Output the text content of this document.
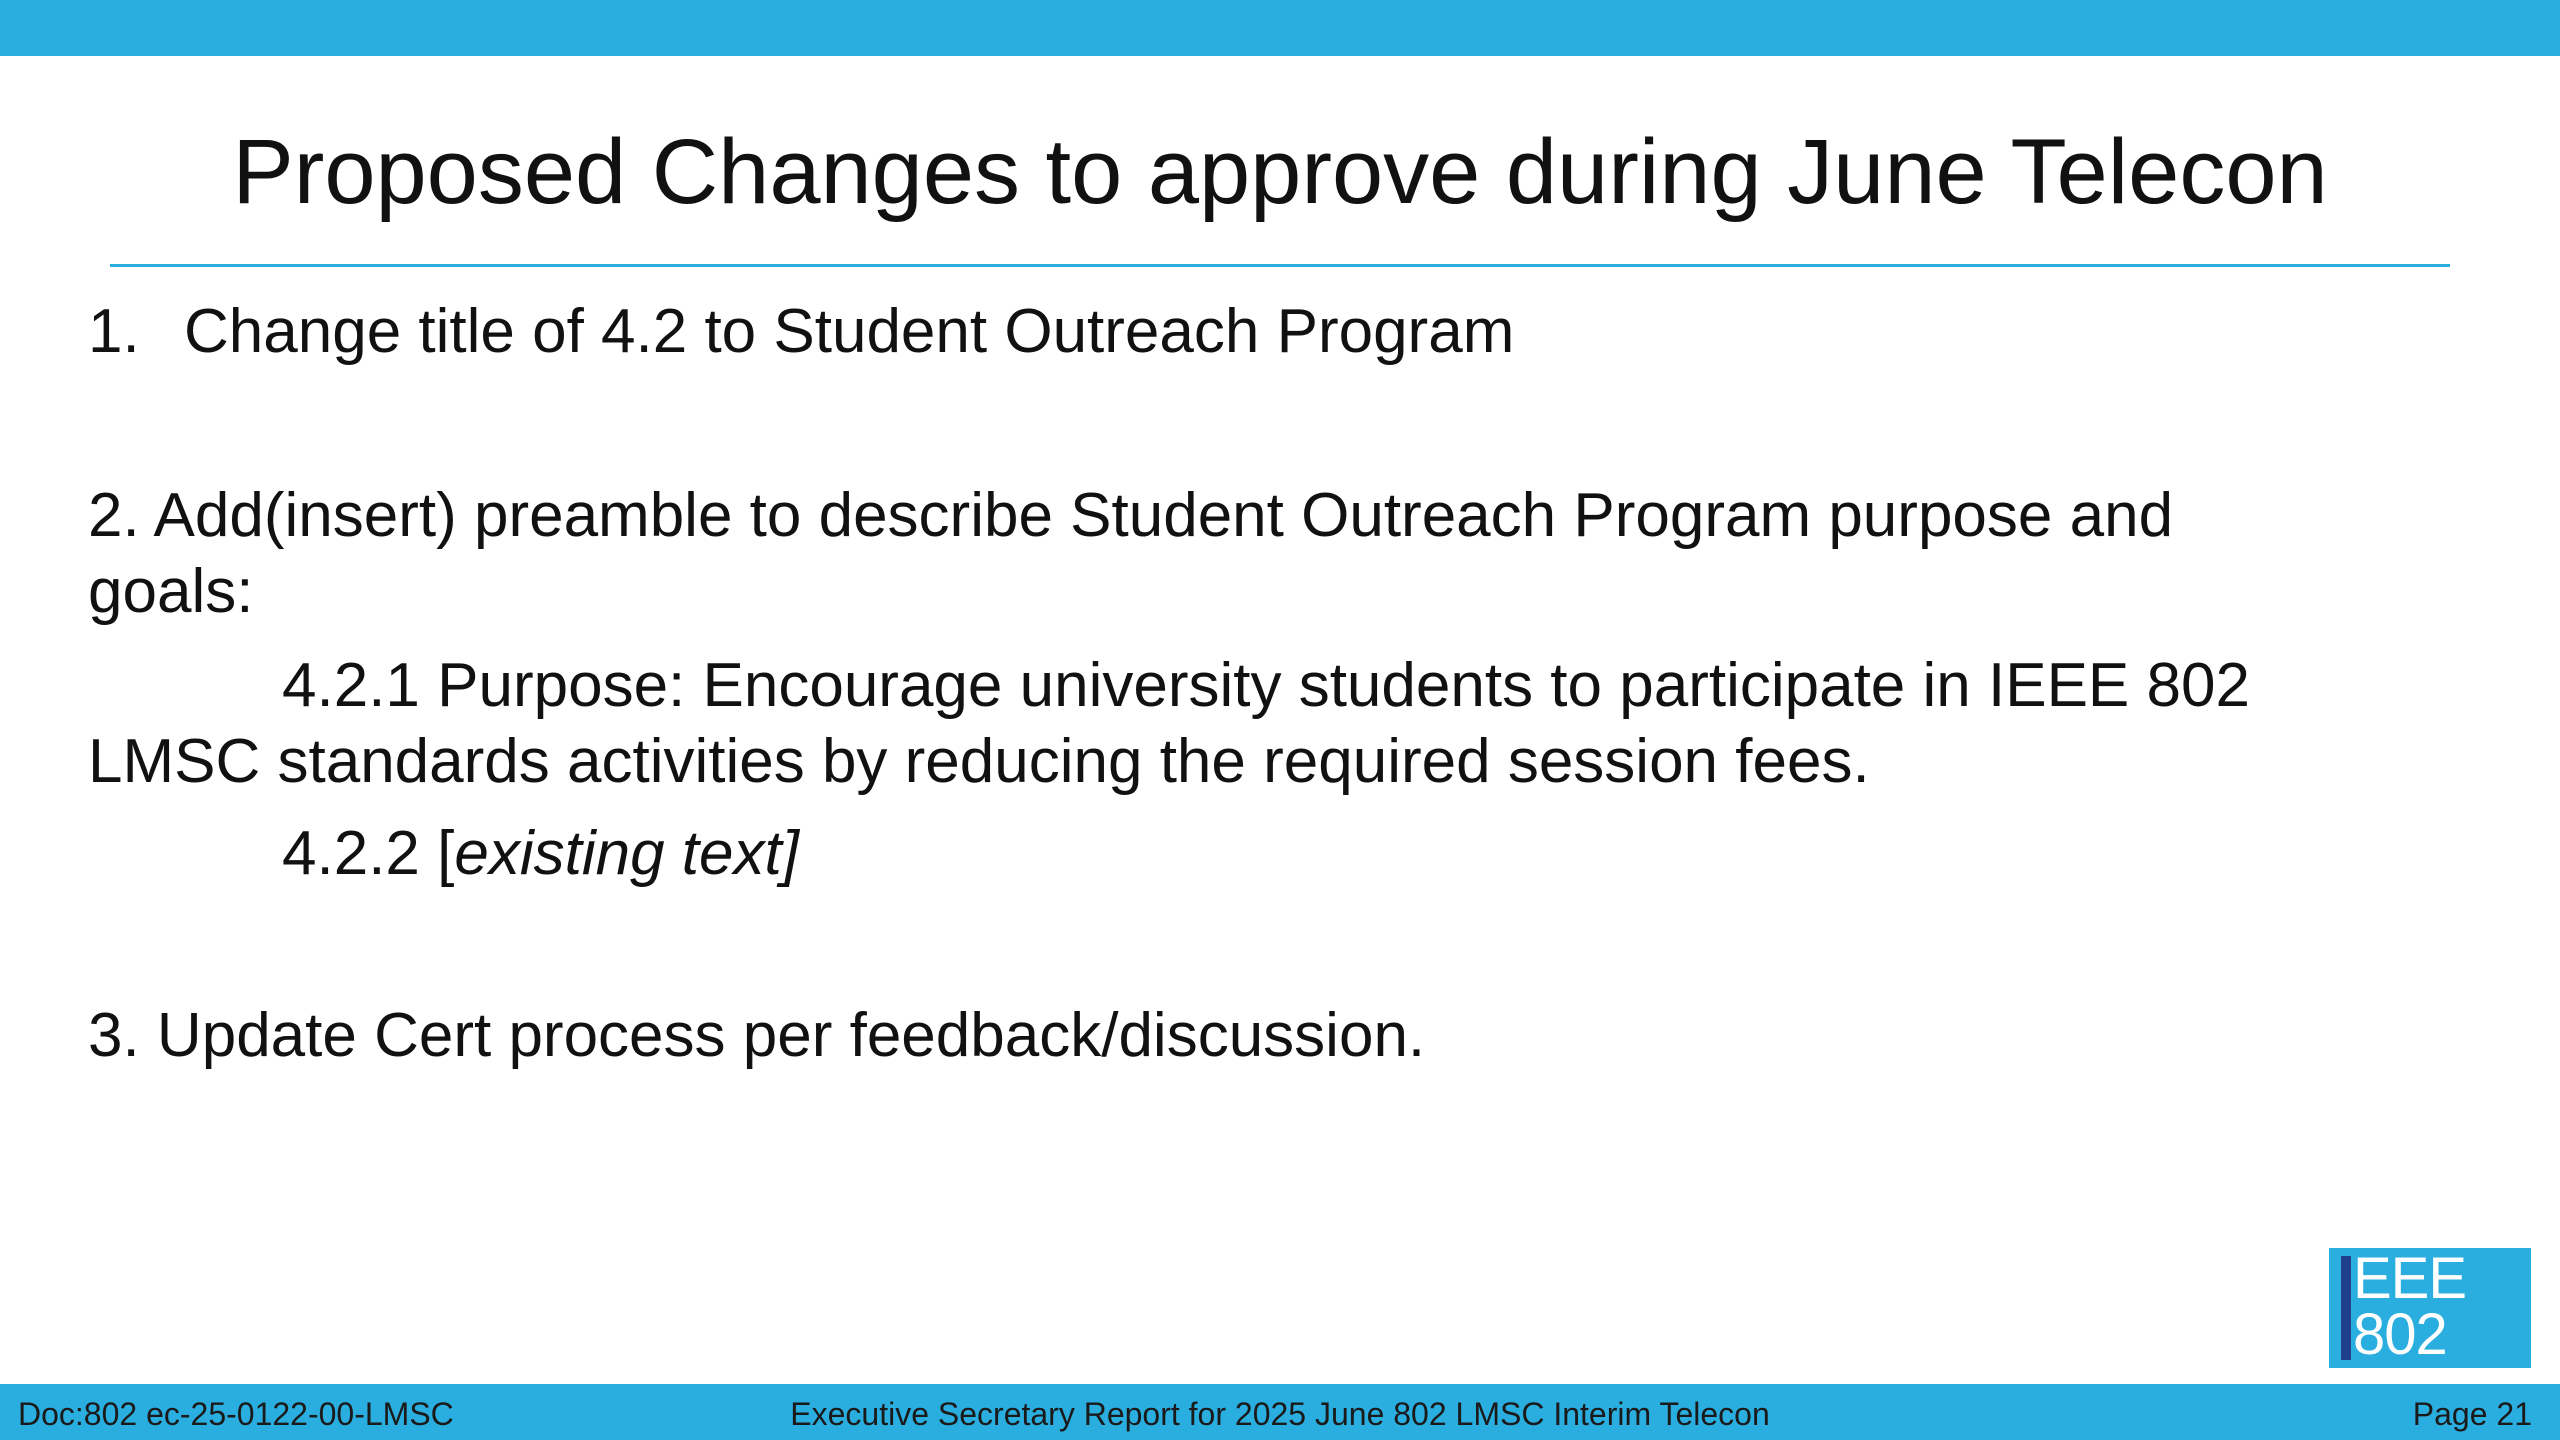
Proposed Changes to approve during June Telecon
1. Change title of 4.2 to Student Outreach Program
2. Add(insert) preamble to describe Student Outreach Program purpose and
goals:
4.2.1 Purpose: Encourage university students to participate in IEEE 802
LMSC standards activities by reducing the required session fees.
4.2.2 [existing text]
3. Update Cert process per feedback/discussion.
EEE
802
Doc:802 ec-25-0122-00-LMSC	Executive Secretary Report for 2025 June 802 LMSC Interim Telecon	Page 21
